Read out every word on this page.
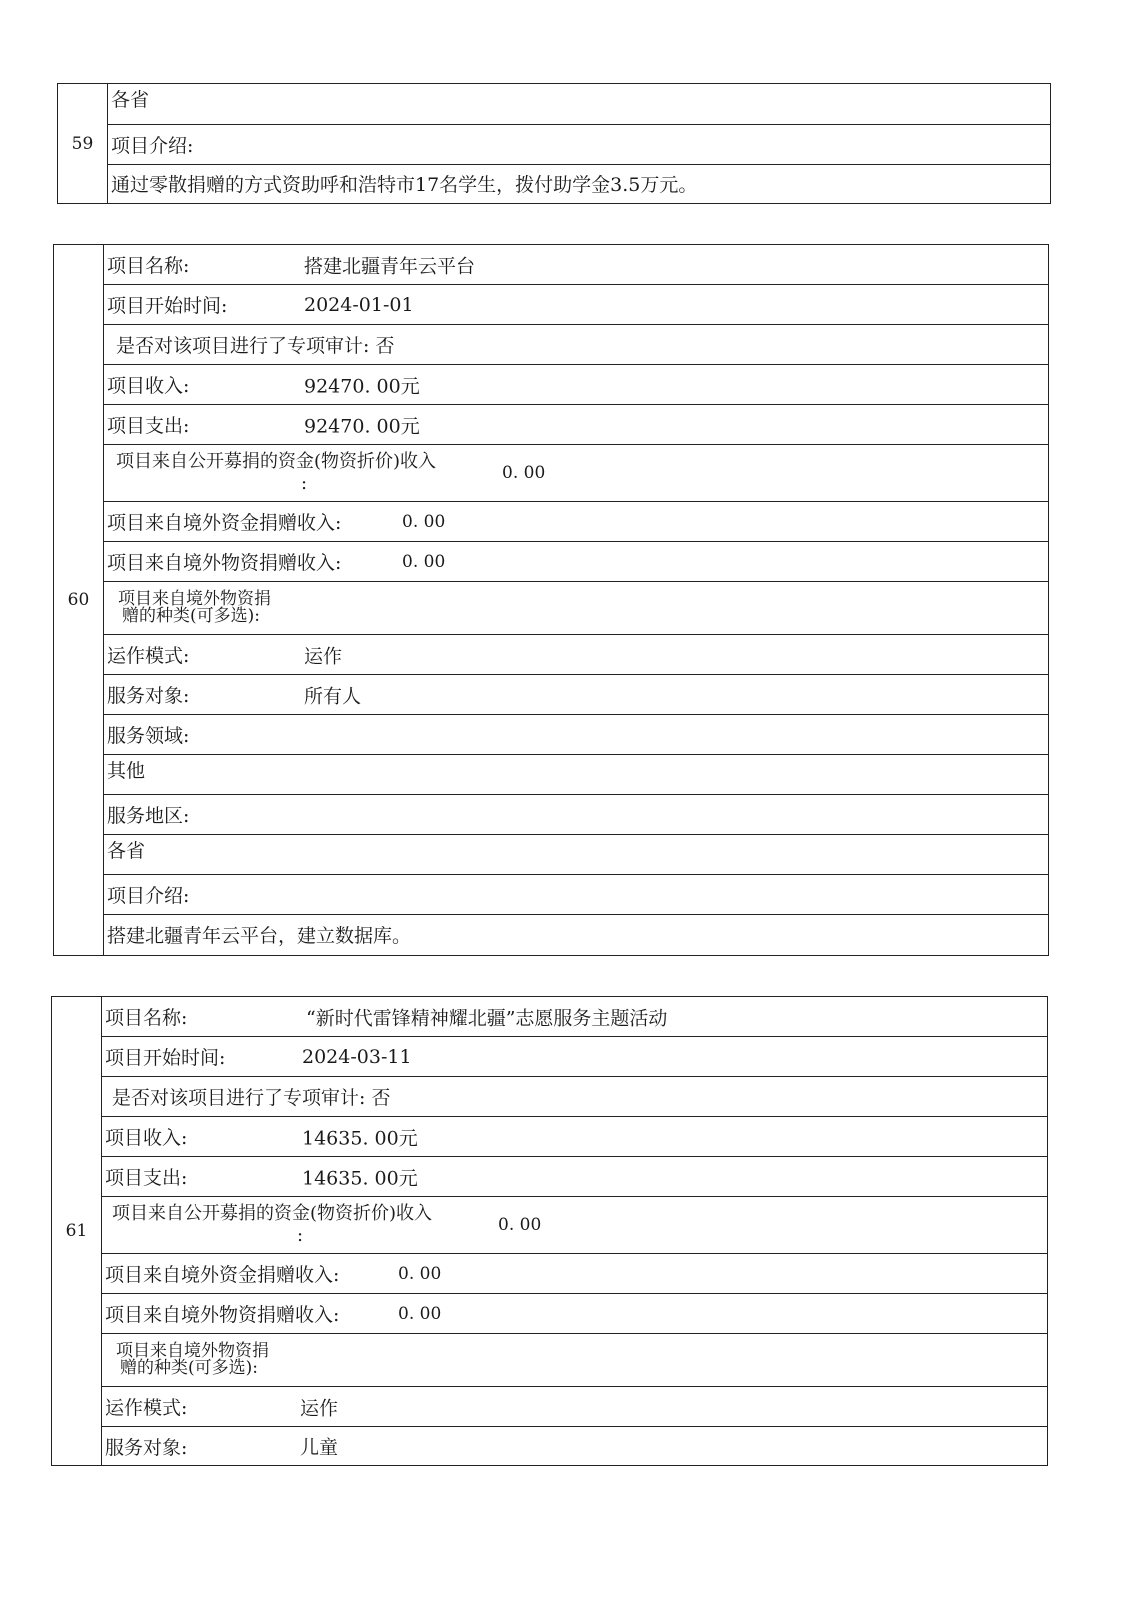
59
各省
项目介绍:
通过零散捐赠的方式资助呼和浩特市17名学生，拨付助学金3.5万元。
60
项目名称:	搭建北疆青年云平台
项目开始时间:	2024-01-01
是否对该项目进行了专项审计: 否
项目收入:	92470. 00元
项目支出:	92470. 00元
项目来自公开募捐的资金(物资折价)收入
:	0. 00
项目来自境外资金捐赠收入:	0. 00
项目来自境外物资捐赠收入:	0. 00
项目来自境外物资捐
赠的种类(可多选):
运作模式:	运作
服务对象:	所有人
服务领域:
其他
服务地区:
各省
项目介绍:
搭建北疆青年云平台，建立数据库。
61
项目名称:	“新时代雷锋精神耀北疆”志愿服务主题活动
项目开始时间:	2024-03-11
是否对该项目进行了专项审计: 否
项目收入:	14635. 00元
项目支出:	14635. 00元
项目来自公开募捐的资金(物资折价)收入
:	0. 00
项目来自境外资金捐赠收入:	0. 00
项目来自境外物资捐赠收入:	0. 00
项目来自境外物资捐
赠的种类(可多选):
运作模式:	运作
服务对象:	儿童
